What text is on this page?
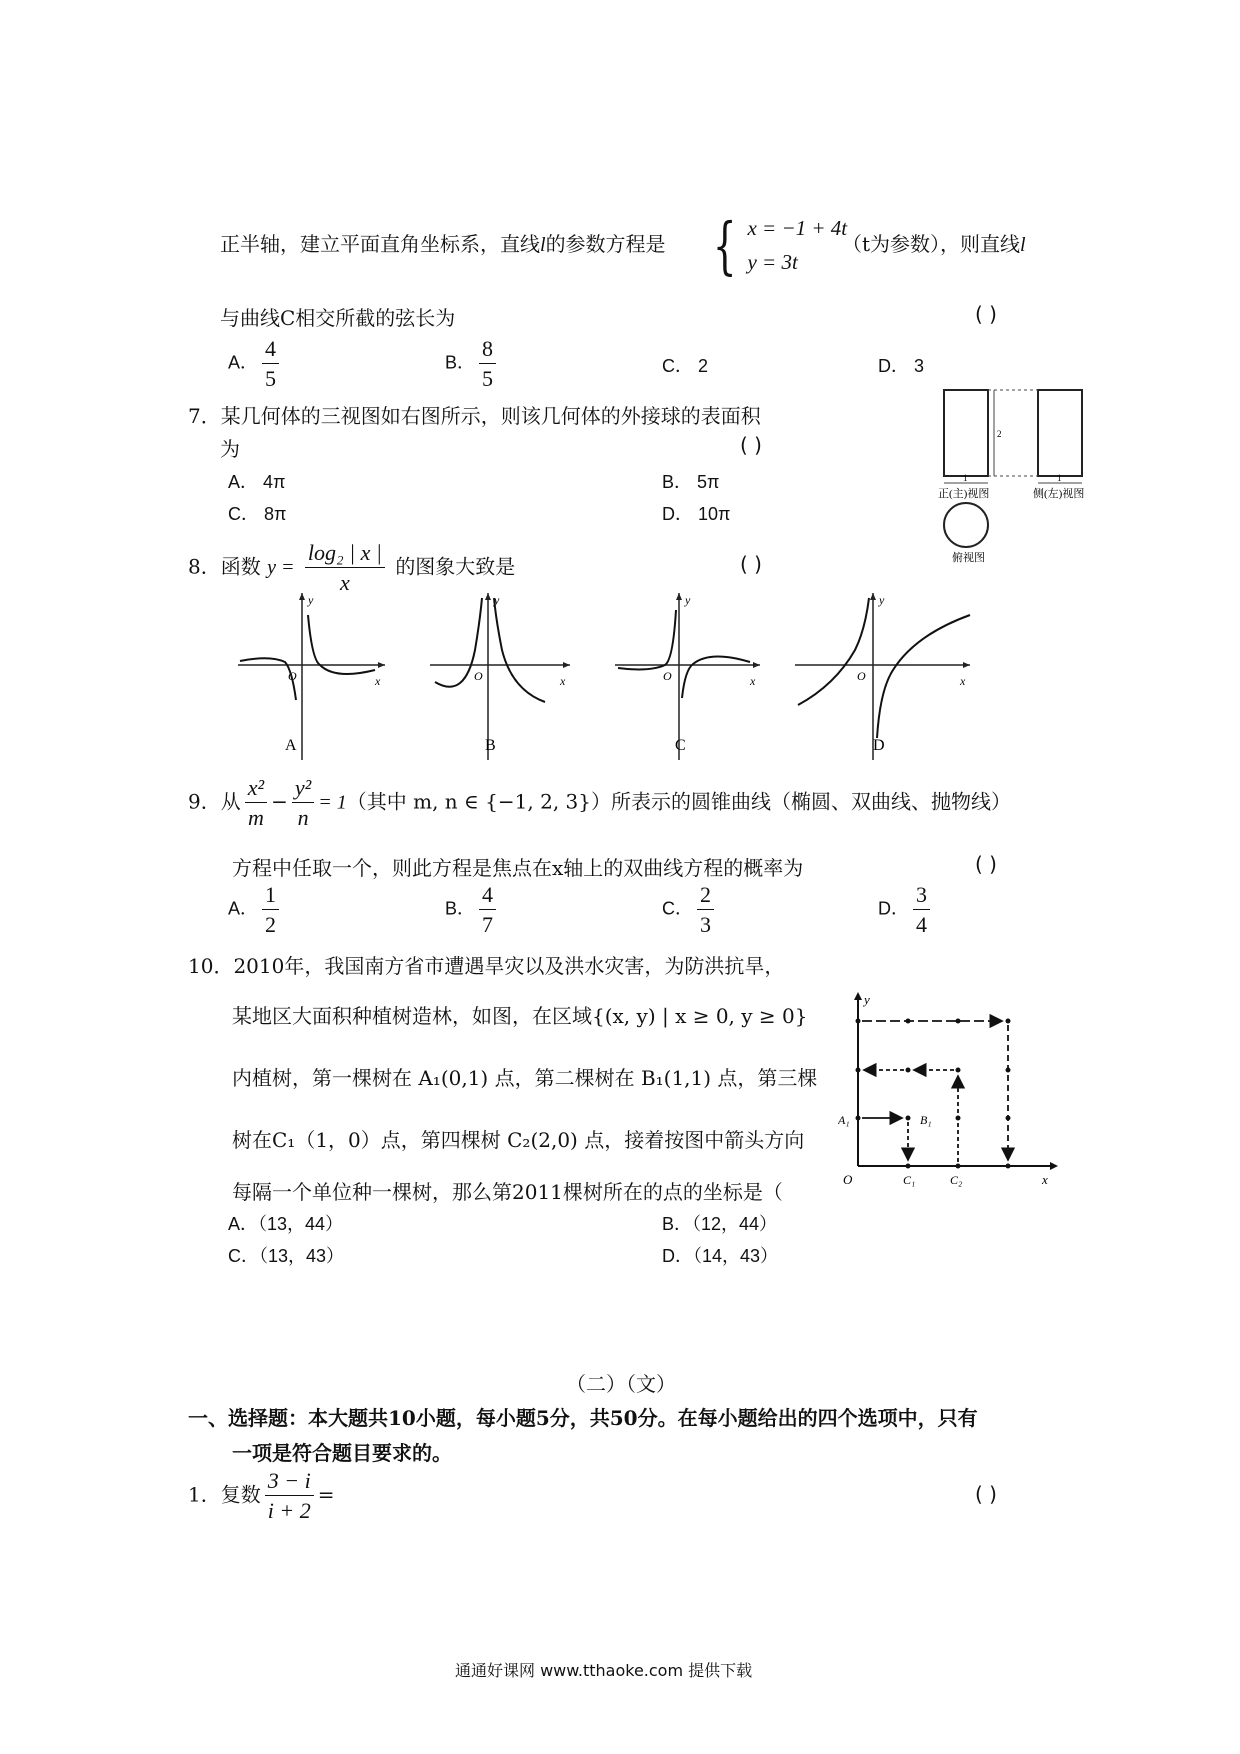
正半轴，建立平面直角坐标系，直线l的参数方程是 { x = −1 + 4t
y = 3t
（t为参数），则直线l
与曲线C相交所截的弦长为	( )
A． $\frac{4}{5}$	B． $\frac{8}{5}$	C． 2	D． 3
7．某几何体的三视图如右图所示，则该几何体的外接球的表面积
为	( )
A． 4π	B． 5π
C． 8π	D． 10π
2
1	1
正(主)视图	侧(左)视图
俯视图
8．函数 $y = \frac{\text{log₂ | x |}}{x}$ 的图象大致是	( )
x
y
O
A
x
y
O
B
x
y
O
C
x
y
O
D
9．从 $\frac{\text{x²}}{m} - \frac{\text{y²}}{n} = 1$（其中 m, n ∈ {−1, 2, 3}）所表示的圆锥曲线（椭圆、双曲线、抛物线）
方程中任取一个，则此方程是焦点在x轴上的双曲线方程的概率为	( )
A． $\frac{1}{2}$	B． $\frac{4}{7}$	C． $\frac{2}{3}$	D． $\frac{3}{4}$
10．2010年，我国南方省市遭遇旱灾以及洪水灾害，为防洪抗旱，
某地区大面积种植树造林，如图，在区域{(x, y) | x ≥ 0, y ≥ 0}
内植树，第一棵树在 A₁(0,1) 点，第二棵树在 B₁(1,1) 点，第三棵
树在C₁（1，0）点，第四棵树 C₂(2,0) 点，接着按图中箭头方向
每隔一个单位种一棵树，那么第2011棵树所在的点的坐标是（
A．（13，44）	B．（12，44）
C．（13，43）	D．（14，43）
y
x
O
A₁	B₁
C₁	C₂
（二）（文）
一、选择题：本大题共10小题，每小题5分，共50分。在每小题给出的四个选项中，只有
一项是符合题目要求的。
1．复数 $\frac{3 - i}{i + 2}$ =	( )
通通好课网 www.tthaoke.com 提供下载
